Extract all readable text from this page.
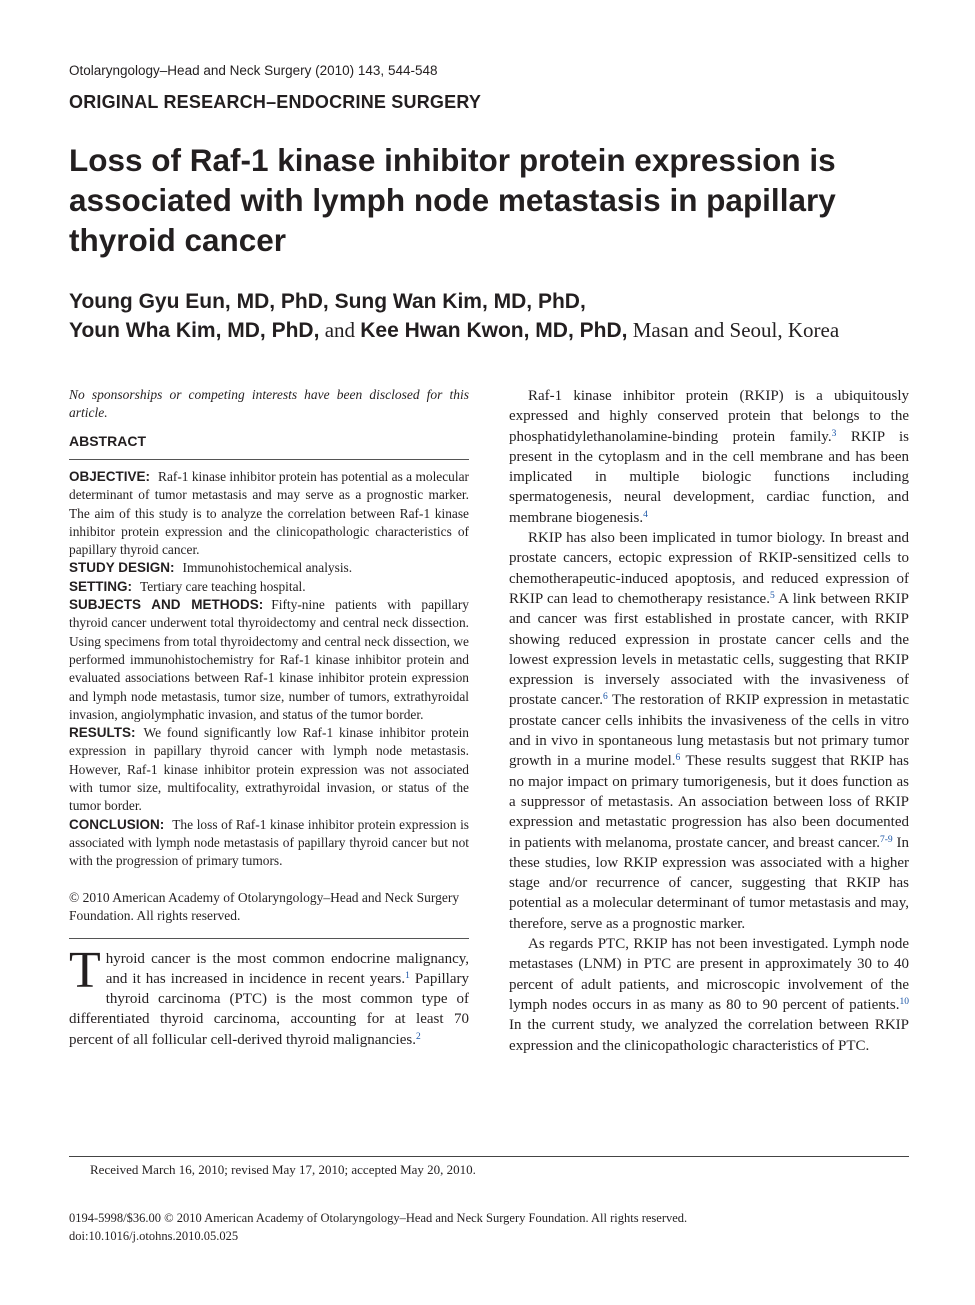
Otolaryngology–Head and Neck Surgery (2010) 143, 544-548
ORIGINAL RESEARCH–ENDOCRINE SURGERY
Loss of Raf-1 kinase inhibitor protein expression is associated with lymph node metastasis in papillary thyroid cancer
Young Gyu Eun, MD, PhD, Sung Wan Kim, MD, PhD,
Youn Wha Kim, MD, PhD, and Kee Hwan Kwon, MD, PhD, Masan and Seoul, Korea

No sponsorships or competing interests have been disclosed for this article.

ABSTRACT

OBJECTIVE: Raf-1 kinase inhibitor protein has potential as a molecular determinant of tumor metastasis and may serve as a prognostic marker. The aim of this study is to analyze the correlation between Raf-1 kinase inhibitor protein expression and the clinicopathologic characteristics of papillary thyroid cancer.

STUDY DESIGN: Immunohistochemical analysis.

SETTING: Tertiary care teaching hospital.

SUBJECTS AND METHODS: Fifty-nine patients with papillary thyroid cancer underwent total thyroidectomy and central neck dissection. Using specimens from total thyroidectomy and central neck dissection, we performed immunohistochemistry for Raf-1 kinase inhibitor protein and evaluated associations between Raf-1 kinase inhibitor protein expression and lymph node metastasis, tumor size, number of tumors, extrathyroidal invasion, angiolymphatic invasion, and status of the tumor border.

RESULTS: We found significantly low Raf-1 kinase inhibitor protein expression in papillary thyroid cancer with lymph node metastasis. However, Raf-1 kinase inhibitor protein expression was not associated with tumor size, multifocality, extrathyroidal invasion, or status of the tumor border.

CONCLUSION: The loss of Raf-1 kinase inhibitor protein expression is associated with lymph node metastasis of papillary thyroid cancer but not with the progression of primary tumors.

© 2010 American Academy of Otolaryngology–Head and Neck Surgery Foundation. All rights reserved.

Thyroid cancer is the most common endocrine malignancy, and it has increased in incidence in recent years.$^1$ Papillary thyroid carcinoma (PTC) is the most common type of differentiated thyroid carcinoma, accounting for at least 70 percent of all follicular cell-derived thyroid malignancies.$^2$

Raf-1 kinase inhibitor protein (RKIP) is a ubiquitously expressed and highly conserved protein that belongs to the phosphatidylethanolamine-binding protein family.$^3$ RKIP is present in the cytoplasm and in the cell membrane and has been implicated in multiple biologic functions including spermatogenesis, neural development, cardiac function, and membrane biogenesis.$^4$

RKIP has also been implicated in tumor biology. In breast and prostate cancers, ectopic expression of RKIP-sensitized cells to chemotherapeutic-induced apoptosis, and reduced expression of RKIP can lead to chemotherapy resistance.$^5$ A link between RKIP and cancer was first established in prostate cancer, with RKIP showing reduced expression in prostate cancer cells and the lowest expression levels in metastatic cells, suggesting that RKIP expression is inversely associated with the invasiveness of prostate cancer.$^6$ The restoration of RKIP expression in metastatic prostate cancer cells inhibits the invasiveness of the cells in vitro and in vivo in spontaneous lung metastasis but not primary tumor growth in a murine model.$^6$ These results suggest that RKIP has no major impact on primary tumorigenesis, but it does function as a suppressor of metastasis. An association between loss of RKIP expression and metastatic progression has also been documented in patients with melanoma, prostate cancer, and breast cancer.$^{7-9}$ In these studies, low RKIP expression was associated with a higher stage and/or recurrence of cancer, suggesting that RKIP has potential as a molecular determinant of tumor metastasis and may, therefore, serve as a prognostic marker.

As regards PTC, RKIP has not been investigated. Lymph node metastases (LNM) in PTC are present in approximately 30 to 40 percent of adult patients, and microscopic involvement of the lymph nodes occurs in as many as 80 to 90 percent of patients.$^{10}$ In the current study, we analyzed the correlation between RKIP expression and the clinicopathologic characteristics of PTC.

Received March 16, 2010; revised May 17, 2010; accepted May 20, 2010.
0194-5998/$36.00 © 2010 American Academy of Otolaryngology–Head and Neck Surgery Foundation. All rights reserved.
doi:10.1016/j.otohns.2010.05.025
